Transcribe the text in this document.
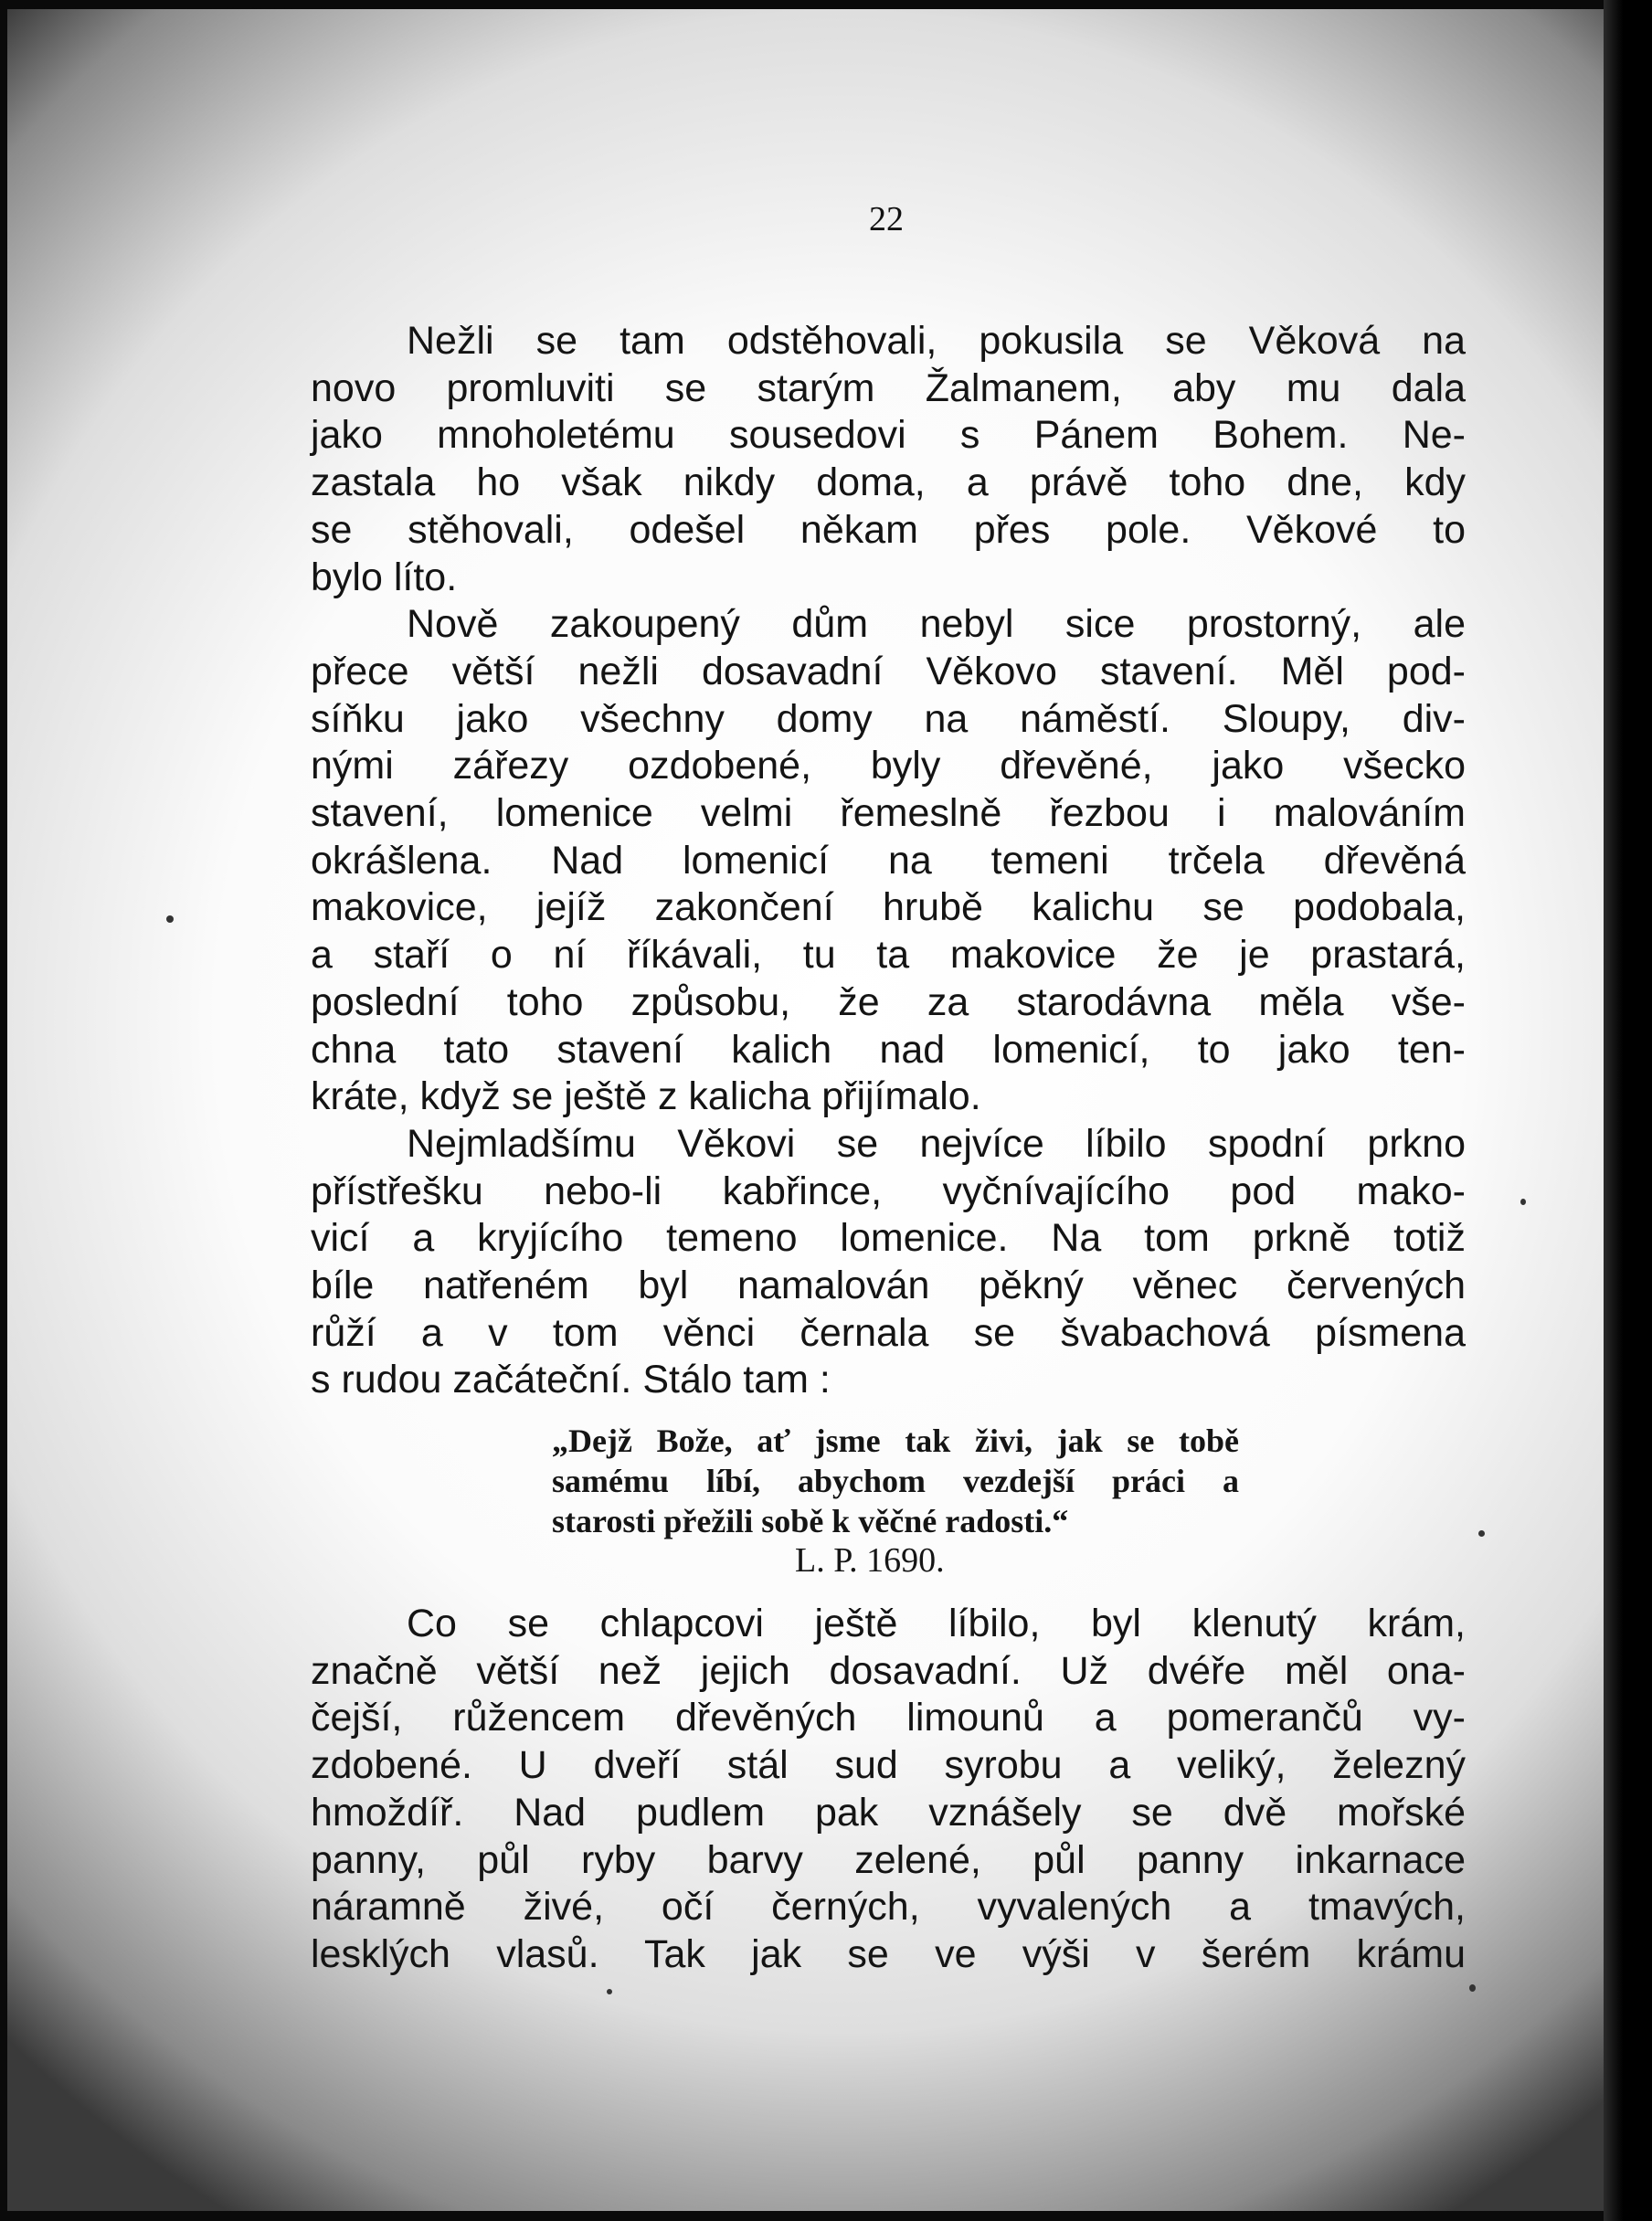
22
Nežli se tam odstěhovali, pokusila se Věková na
novo promluviti se starým Žalmanem, aby mu dala
jako mnoholetému sousedovi s Pánem Bohem. Ne-
zastala ho však nikdy doma, a právě toho dne, kdy
se stěhovali, odešel někam přes pole. Věkové to
bylo líto.
Nově zakoupený dům nebyl sice prostorný, ale
přece větší nežli dosavadní Věkovo stavení. Měl pod-
síňku jako všechny domy na náměstí. Sloupy, div-
nými zářezy ozdobené, byly dřevěné, jako všecko
stavení, lomenice velmi řemeslně řezbou i malováním
okrášlena. Nad lomenicí na temeni trčela dřevěná
makovice, jejíž zakončení hrubě kalichu se podobala,
a staří o ní říkávali, tu ta makovice že je prastará,
poslední toho způsobu, že za starodávna měla vše-
chna tato stavení kalich nad lomenicí, to jako ten-
kráte, když se ještě z kalicha přijímalo.
Nejmladšímu Věkovi se nejvíce líbilo spodní prkno
přístřešku nebo-li kabřince, vyčnívajícího pod mako-
vicí a kryjícího temeno lomenice. Na tom prkně totiž
bíle natřeném byl namalován pěkný věnec červených
růží a v tom věnci černala se švabachová písmena
s rudou začáteční. Stálo tam :
„Dejž Bože, ať jsme tak živi, jak se tobě
samému líbí, abychom vezdejší práci a
starosti přežili sobě k věčné radosti.“
L. P. 1690.
Co se chlapcovi ještě líbilo, byl klenutý krám,
značně větší než jejich dosavadní. Už dvéře měl ona-
čejší, růžencem dřevěných limounů a pomerančů vy-
zdobené. U dveří stál sud syrobu a veliký, železný
hmoždíř. Nad pudlem pak vznášely se dvě mořské
panny, půl ryby barvy zelené, půl panny inkarnace
náramně živé, očí černých, vyvalených a tmavých,
lesklých vlasů. Tak jak se ve výši v šerém krámu
